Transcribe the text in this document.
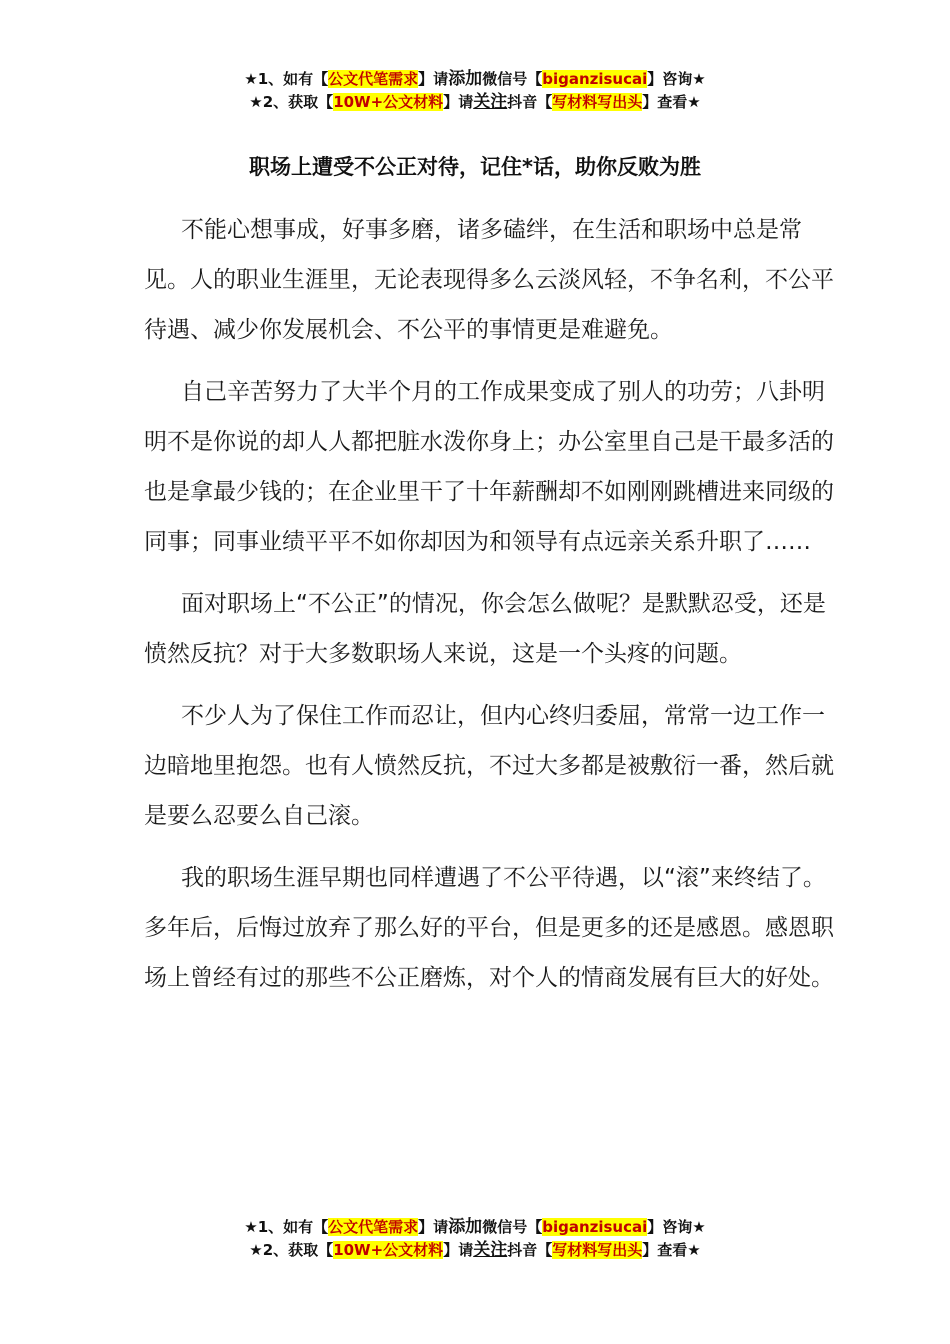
★1、如有【公文代笔需求】请添加微信号【biganzisucai】咨询★
★2、获取【10W+公文材料】请关注抖音【写材料写出头】查看★
职场上遭受不公正对待，记住*话，助你反败为胜

不能心想事成，好事多磨，诸多磕绊，在生活和职场中总是常见。人的职业生涯里，无论表现得多么云淡风轻，不争名利，不公平待遇、减少你发展机会、不公平的事情更是难避免。

自己辛苦努力了大半个月的工作成果变成了别人的功劳；八卦明明不是你说的却人人都把脏水泼你身上；办公室里自己是干最多活的也是拿最少钱的；在企业里干了十年薪酬却不如刚刚跳槽进来同级的同事；同事业绩平平不如你却因为和领导有点远亲关系升职了……

面对职场上“不公正”的情况，你会怎么做呢？是默默忍受，还是愤然反抗？对于大多数职场人来说，这是一个头疼的问题。

不少人为了保住工作而忍让，但内心终归委屈，常常一边工作一边暗地里抱怨。也有人愤然反抗，不过大多都是被敷衍一番，然后就是要么忍要么自己滚。

我的职场生涯早期也同样遭遇了不公平待遇，以“滚”来终结了。多年后，后悔过放弃了那么好的平台，但是更多的还是感恩。感恩职场上曾经有过的那些不公正磨炼，对个人的情商发展有巨大的好处。

★1、如有【公文代笔需求】请添加微信号【biganzisucai】咨询★
★2、获取【10W+公文材料】请关注抖音【写材料写出头】查看★
